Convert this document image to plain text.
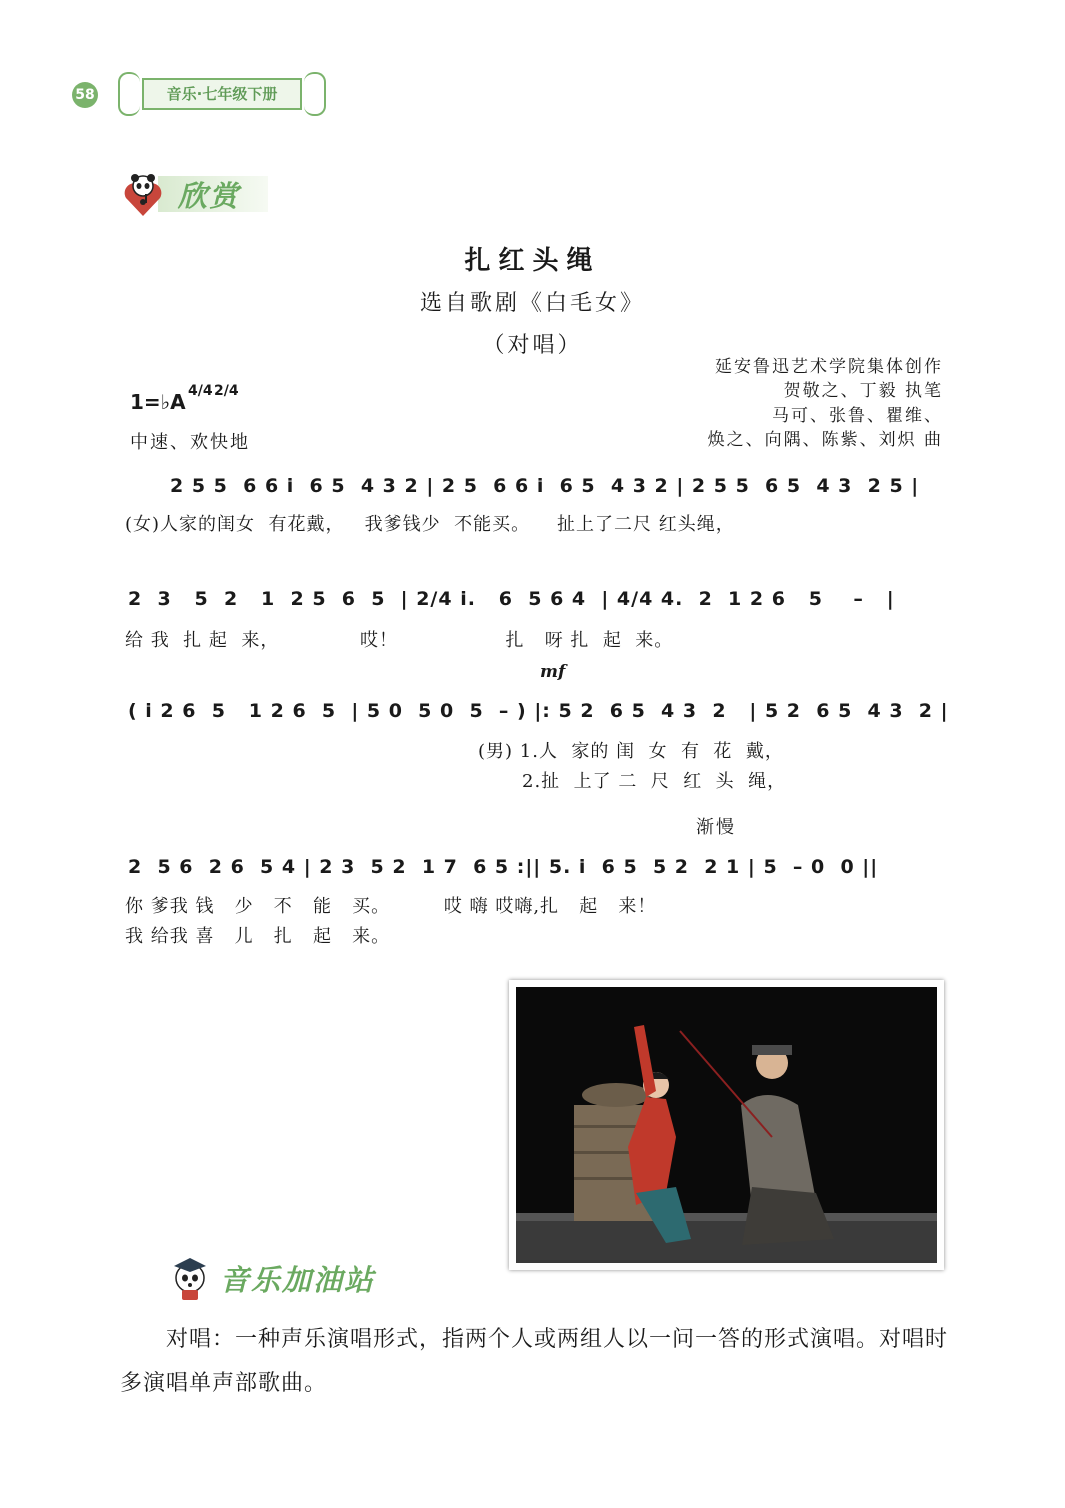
58	音乐·七年级下册
欣赏
扎红头绳
选自歌剧《白毛女》
（对唱）
延安鲁迅艺术学院集体创作
贺敬之、丁毅 执笔
马可、张鲁、瞿维、
焕之、向隅、陈紫、刘炽 曲
1=♭A 4/4 2/4
中速、欢快地
2 5 5  6 6 i  6 5  4 3 2 | 2 5  6 6 i  6 5  4 3 2 | 2 5 5  6 5  4 3  2 5 |
(女)人家的闺女  有花戴，   我爹钱少  不能买。    扯上了二尺 红头绳，
2  3   5  2   1  2 5  6  5  | 2/4 i.   6  5 6 4  | 4/4 4.  2  1 2 6   5    –   |
给 我  扎 起  来，            哎！                扎   呀 扎  起  来。
mf
( i 2 6  5   1 2 6  5  | 5 0  5 0  5  – ) |: 5 2  6 5  4 3  2   | 5 2  6 5  4 3  2 |
(男) 1.人  家的 闺  女  有  花  戴，
2.扯  上了 二  尺  红  头  绳，
渐慢
2  5 6  2 6  5 4 | 2 3  5 2  1 7  6 5 :|| 5. i  6 5  5 2  2 1 | 5  – 0  0 ||
你 爹我 钱   少   不   能   买。        哎 嗨 哎嗨,扎   起   来！
我 给我 喜   儿   扎   起   来。
音乐加油站
对唱：一种声乐演唱形式，指两个人或两组人以一问一答的形式演唱。对唱时多演唱单声部歌曲。
